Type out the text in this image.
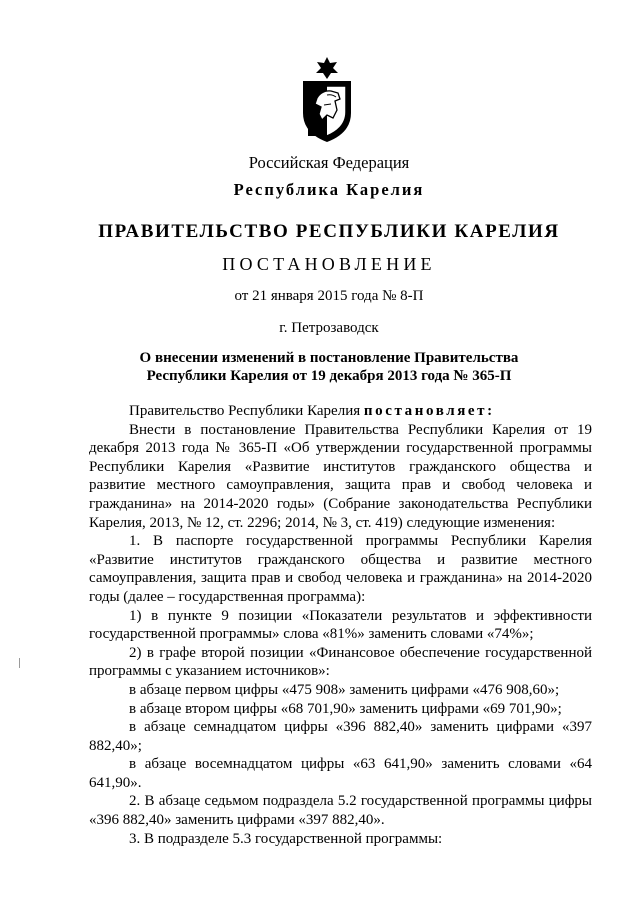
Российская Федерация
Республика Карелия
ПРАВИТЕЛЬСТВО РЕСПУБЛИКИ КАРЕЛИЯ
ПОСТАНОВЛЕНИЕ
от 21 января 2015 года № 8-П
г. Петрозаводск
О внесении изменений в постановление Правительства
Республики Карелия от 19 декабря 2013 года № 365-П

Правительство Республики Карелия постановляет:

Внести в постановление Правительства Республики Карелия от 19 декабря 2013 года № 365-П «Об утверждении государственной программы Республики Карелия «Развитие институтов гражданского общества и развитие местного самоуправления, защита прав и свобод человека и гражданина» на 2014-2020 годы» (Собрание законодательства Республики Карелия, 2013, № 12, ст. 2296; 2014, № 3, ст. 419) следующие изменения:

1. В паспорте государственной программы Республики Карелия «Развитие институтов гражданского общества и развитие местного самоуправления, защита прав и свобод человека и гражданина» на 2014-2020 годы (далее – государственная программа):

1) в пункте 9 позиции «Показатели результатов и эффективности государственной программы» слова «81%» заменить словами «74%»;

2) в графе второй позиции «Финансовое обеспечение государственной программы с указанием источников»:

в абзаце первом цифры «475 908» заменить цифрами «476 908,60»;

в абзаце втором цифры «68 701,90» заменить цифрами «69 701,90»;

в абзаце семнадцатом цифры «396 882,40» заменить цифрами «397 882,40»;

в абзаце восемнадцатом цифры «63 641,90» заменить словами «64 641,90».

2. В абзаце седьмом подраздела 5.2 государственной программы цифры «396 882,40» заменить цифрами «397 882,40».

3. В подразделе 5.3 государственной программы:
